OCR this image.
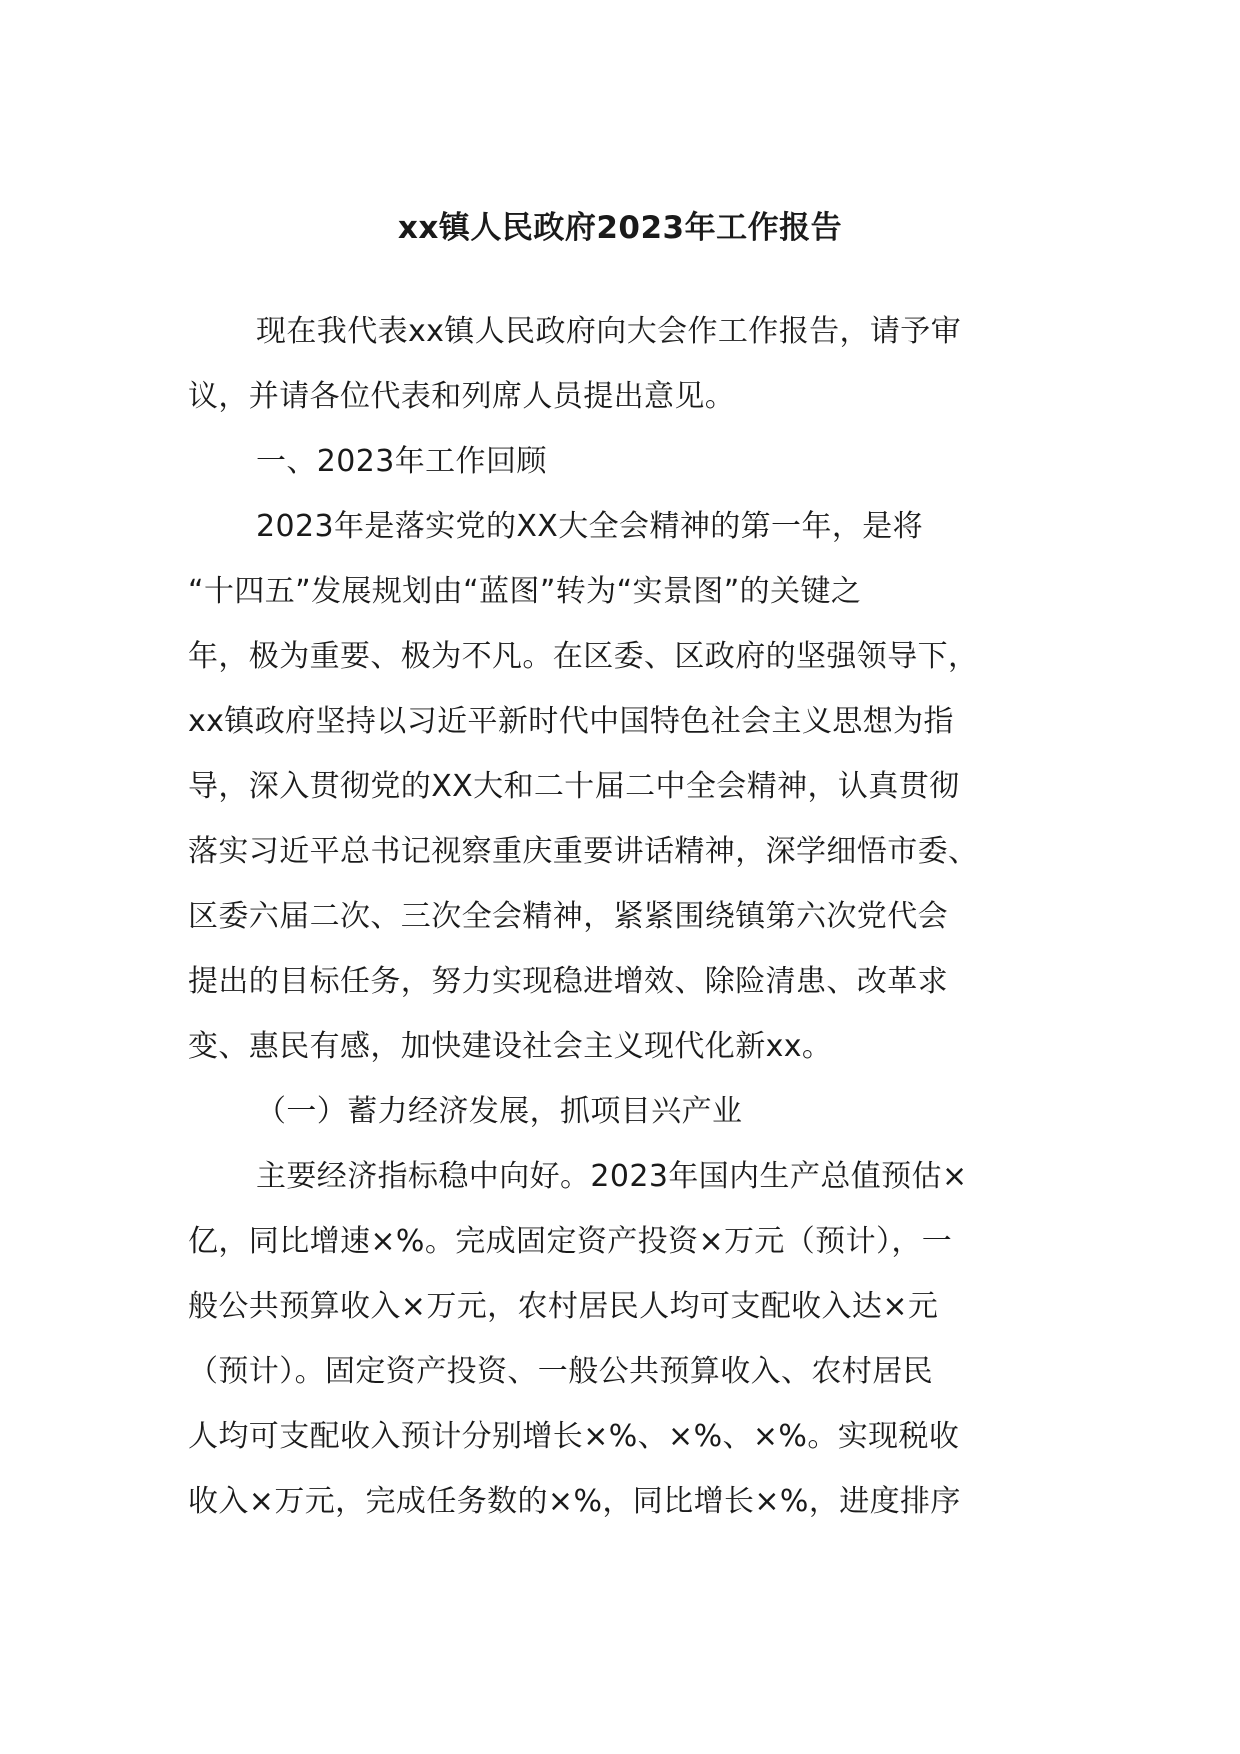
xx镇人民政府2023年工作报告

现在我代表xx镇人民政府向大会作工作报告，请予审
议，并请各位代表和列席人员提出意见。

一、2023年工作回顾

2023年是落实党的XX大全会精神的第一年，是将
“十四五”发展规划由“蓝图”转为“实景图”的关键之
年，极为重要、极为不凡。在区委、区政府的坚强领导下，
xx镇政府坚持以习近平新时代中国特色社会主义思想为指
导，深入贯彻党的XX大和二十届二中全会精神，认真贯彻
落实习近平总书记视察重庆重要讲话精神，深学细悟市委、
区委六届二次、三次全会精神，紧紧围绕镇第六次党代会
提出的目标任务，努力实现稳进增效、除险清患、改革求
变、惠民有感，加快建设社会主义现代化新xx。

（一）蓄力经济发展，抓项目兴产业

主要经济指标稳中向好。2023年国内生产总值预估×
亿，同比增速×%。完成固定资产投资×万元（预计），一
般公共预算收入×万元，农村居民人均可支配收入达×元
（预计）。固定资产投资、一般公共预算收入、农村居民
人均可支配收入预计分别增长×%、×%、×%。实现税收
收入×万元，完成任务数的×%，同比增长×%，进度排序
